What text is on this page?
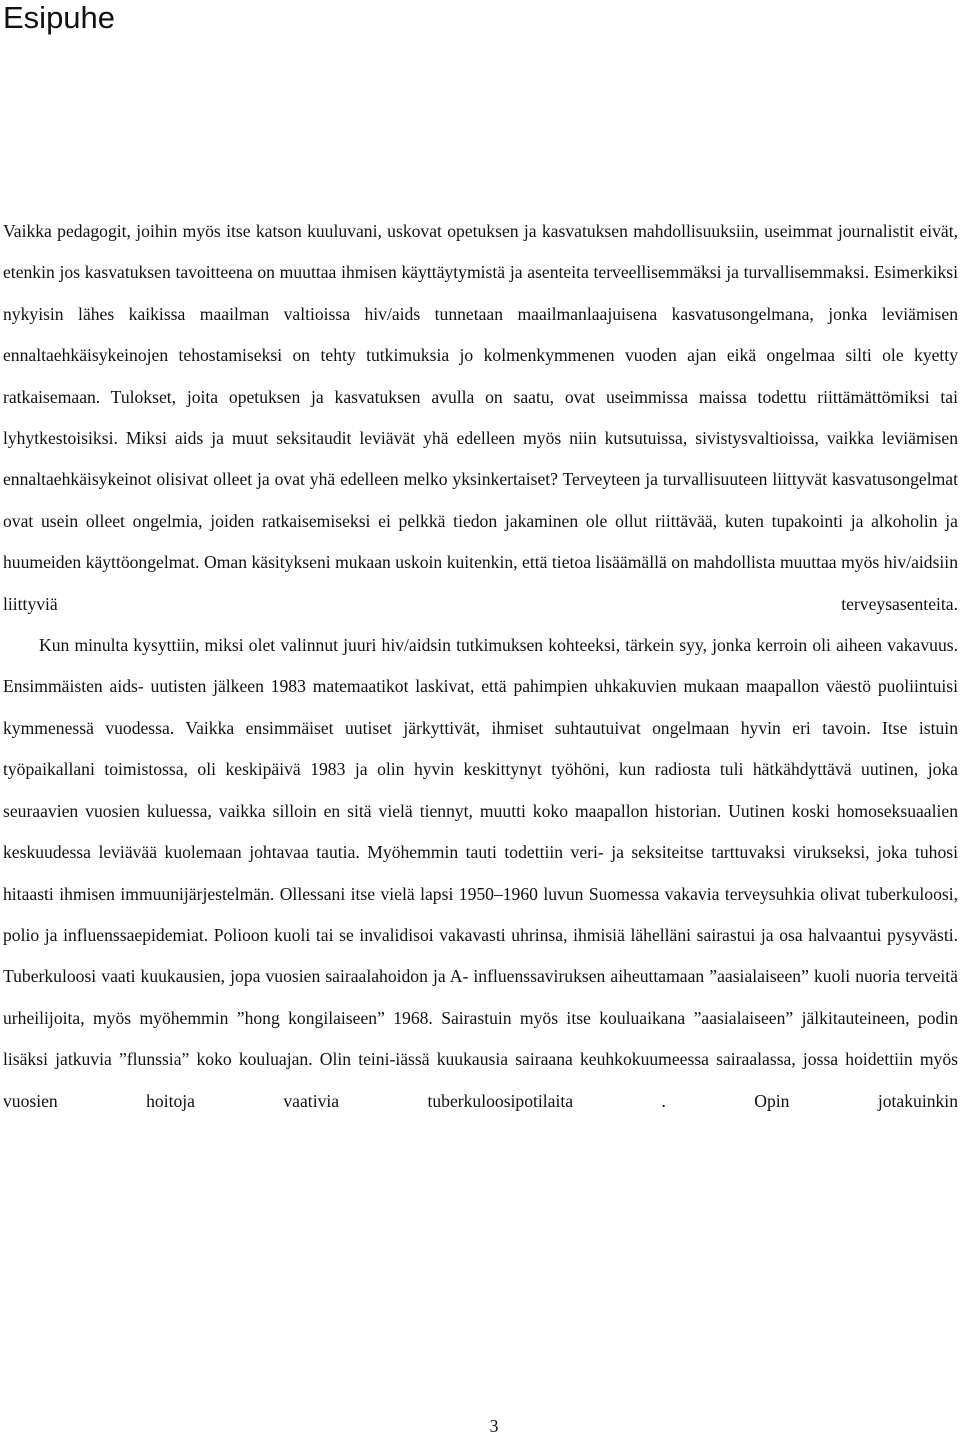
Esipuhe

Vaikka pedagogit, joihin myös itse katson kuuluvani, uskovat opetuksen ja kasvatuksen mahdollisuuksiin, useimmat journalistit eivät, etenkin jos kasvatuksen tavoitteena on muuttaa ihmisen käyttäytymistä ja asenteita terveellisemmäksi ja turvallisemmaksi. Esimerkiksi nykyisin lähes kaikissa maailman valtioissa hiv/aids tunnetaan maailmanlaajuisena kasvatusongelmana, jonka leviämisen ennaltaehkäisykeinojen tehostamiseksi on tehty tutkimuksia jo kolmenkymmenen vuoden ajan eikä ongelmaa silti ole kyetty ratkaisemaan. Tulokset, joita opetuksen ja kasvatuksen avulla on saatu, ovat useimmissa maissa todettu riittämättömiksi tai lyhytkestoisiksi. Miksi aids ja muut seksitaudit leviävät yhä edelleen myös niin kutsutuissa, sivistysvaltioissa, vaikka leviämisen ennaltaehkäisykeinot olisivat olleet ja ovat yhä edelleen melko yksinkertaiset? Terveyteen ja turvallisuuteen liittyvät kasvatusongelmat ovat usein olleet ongelmia, joiden ratkaisemiseksi ei pelkkä tiedon jakaminen ole ollut riittävää, kuten tupakointi ja alkoholin ja huumeiden käyttöongelmat. Oman käsitykseni mukaan uskoin kuitenkin, että tietoa lisäämällä on mahdollista muuttaa myös hiv/aidsiin liittyviä terveysasenteita.

Kun minulta kysyttiin, miksi olet valinnut juuri hiv/aidsin tutkimuksen kohteeksi, tärkein syy, jonka kerroin oli aiheen vakavuus. Ensimmäisten aids- uutisten jälkeen 1983 matemaatikot laskivat, että pahimpien uhkakuvien mukaan maapallon väestö puoliintuisi kymmenessä vuodessa. Vaikka ensimmäiset uutiset järkyttivät, ihmiset suhtautuivat ongelmaan hyvin eri tavoin. Itse istuin työpaikallani toimistossa, oli keskipäivä 1983 ja olin hyvin keskittynyt työhöni, kun radiosta tuli hätkähdyttävä uutinen, joka seuraavien vuosien kuluessa, vaikka silloin en sitä vielä tiennyt, muutti koko maapallon historian. Uutinen koski homoseksuaalien keskuudessa leviävää kuolemaan johtavaa tautia. Myöhemmin tauti todettiin veri- ja seksiteitse tarttuvaksi virukseksi, joka tuhosi hitaasti ihmisen immuunijärjestelmän. Ollessani itse vielä lapsi 1950–1960 luvun Suomessa vakavia terveysuhkia olivat tuberkuloosi, polio ja influenssaepidemiat. Polioon kuoli tai se invalidisoi vakavasti uhrinsa, ihmisiä lähelläni sairastui ja osa halvaantui pysyvästi. Tuberkuloosi vaati kuukausien, jopa vuosien sairaalahoidon ja A- influenssaviruksen aiheuttamaan ”aasialaiseen” kuoli nuoria terveitä urheilijoita, myös myöhemmin ”hong kongilaiseen” 1968. Sairastuin myös itse kouluaikana ”aasialaiseen” jälkitauteineen, podin lisäksi jatkuvia ”flunssia” koko kouluajan. Olin teini-iässä kuukausia sairaana keuhkokuumeessa sairaalassa, jossa hoidettiin myös vuosien hoitoja vaativia tuberkuloosipotilaita . Opin jotakuinkin

3
